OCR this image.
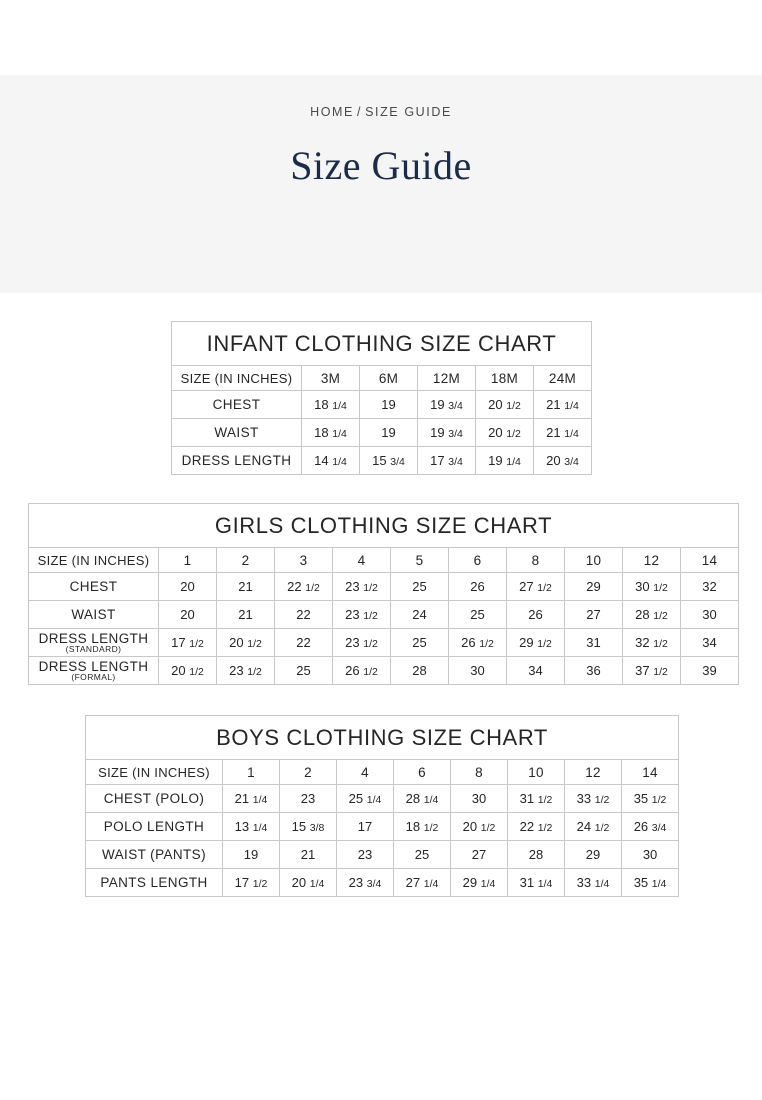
HOME / SIZE GUIDE
Size Guide
INFANT CLOTHING SIZE CHART					
SIZE (IN INCHES)	3M	6M	12M	18M	24M
CHEST	18 1/4	19	19 3/4	20 1/2	21 1/4
WAIST	18 1/4	19	19 3/4	20 1/2	21 1/4
DRESS LENGTH	14 1/4	15 3/4	17 3/4	19 1/4	20 3/4
GIRLS CLOTHING SIZE CHART										
SIZE (IN INCHES)	1	2	3	4	5	6	8	10	12	14
CHEST	20	21	22 1/2	23 1/2	25	26	27 1/2	29	30 1/2	32
WAIST	20	21	22	23 1/2	24	25	26	27	28 1/2	30
DRESS LENGTH
(STANDARD)	17 1/2	20 1/2	22	23 1/2	25	26 1/2	29 1/2	31	32 1/2	34
DRESS LENGTH
(FORMAL)	20 1/2	23 1/2	25	26 1/2	28	30	34	36	37 1/2	39
BOYS CLOTHING SIZE CHART								
SIZE (IN INCHES)	1	2	4	6	8	10	12	14
CHEST (POLO)	21 1/4	23	25 1/4	28 1/4	30	31 1/2	33 1/2	35 1/2
POLO LENGTH	13 1/4	15 3/8	17	18 1/2	20 1/2	22 1/2	24 1/2	26 3/4
WAIST (PANTS)	19	21	23	25	27	28	29	30
PANTS LENGTH	17 1/2	20 1/4	23 3/4	27 1/4	29 1/4	31 1/4	33 1/4	35 1/4
